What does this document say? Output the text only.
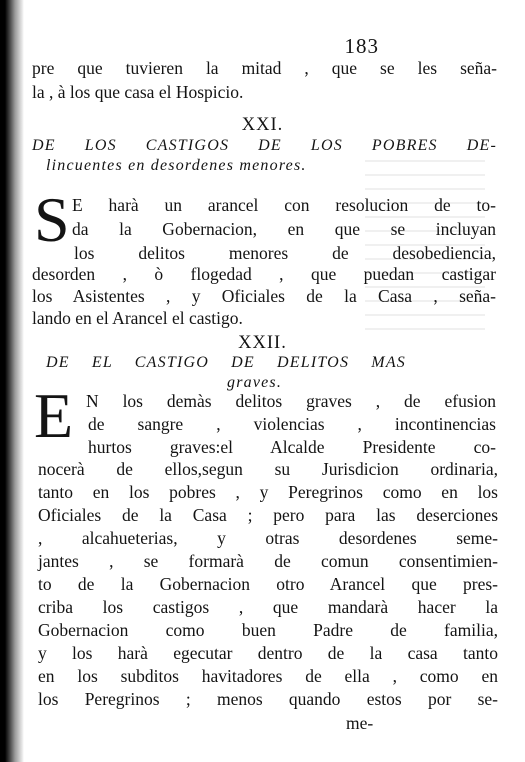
183
pre que tuvieren la mitad , que se les seña-
la , à los que casa el Hospicio.
XXI.
DE LOS CASTIGOS DE LOS POBRES DE-
lincuentes en desordenes menores.
S E harà un arancel con resolucion de to-
da la Gobernacion, en que se incluyan
los delitos menores de desobediencia,
desorden , ò flogedad , que puedan castigar
los Asistentes , y Oficiales de la Casa , seña-
lando en el Arancel el castigo.
XXII.
DE EL CASTIGO DE DELITOS MAS
graves.
E N los demàs delitos graves , de efusion
de sangre , violencias , incontinencias
hurtos graves:el Alcalde Presidente co-
nocerà de ellos,segun su Jurisdicion ordinaria,
tanto en los pobres , y Peregrinos como en los
Oficiales de la Casa ; pero para las deserciones
, alcahueterias, y otras desordenes seme-
jantes , se formarà de comun consentimien-
to de la Gobernacion otro Arancel que pres-
criba los castigos , que mandarà hacer la
Gobernacion como buen Padre de familia,
y los harà egecutar dentro de la casa tanto
en los subditos havitadores de ella , como en
los Peregrinos ; menos quando estos por se-
me-
